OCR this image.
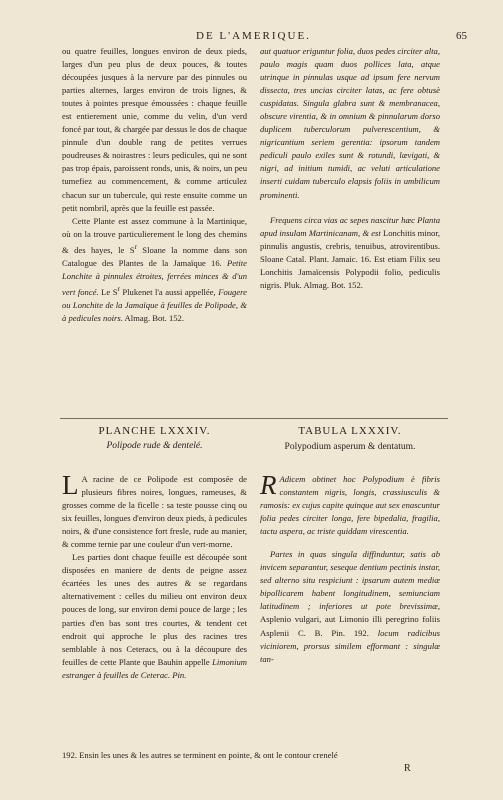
DE L'AMERIQUE.	65

ou quatre feuilles, longues environ de deux pieds, larges d'un peu plus de deux pouces, & toutes découpées jusques à la nervure par des pinnules ou parties alternes, larges environ de trois lignes, & toutes à pointes presque émoussées : chaque feuille est entierement unie, comme du velin, d'un verd foncé par tout, & chargée par dessus le dos de chaque pinnule d'un double rang de petites verrues poudreuses & noirastres : leurs pedicules, qui ne sont pas trop épais, paroissent ronds, unis, & noirs, un peu tumefiez au commencement, & comme articulez chacun sur un tubercule, qui reste ensuite comme un petit nombril, après que la feuille est passée.

Cette Plante est assez commune à la Martinique, où on la trouve particulierement le long des chemins & des hayes, le $S^r$ Sloane la nomme dans son Catalogue des Plantes de la Jamaïque 16. Petite Lonchite à pinnules étroites, ferrées minces & d'un vert foncé. Le $S^r$ Plukenet l'a aussi appellée, Fougere ou Lonchite de la Jamaïque à feuilles de Polipode, & à pedicules noirs. Almag. Bot. 152.

aut quatuor eriguntur folia, duos pedes circiter alta, paulo magis quam duos pollices lata, atque utrinque in pinnulas usque ad ipsum fere nervum dissecta, tres uncias circiter latas, ac fere obtusè cuspidatas. Singula glabra sunt & membranacea, obscure virentia, & in omnium & pinnularum dorso duplicem tuberculorum pulverescentium, & nigricantium seriem gerentia: ipsorum tandem pediculi paulo exiles sunt & rotundi, lævigati, & nigri, ad initium tumidi, ac veluti articulatione inserti cuidam tuberculo elapsis foliis in umbilicum prominenti.

Frequens circa vias ac sepes nascitur hæc Planta apud insulam Martinicanam, & est Lonchitis minor, pinnulis angustis, crebris, tenuibus, atrovirentibus. Sloane Catal. Plant. Jamaic. 16. Est etiam Filix seu Lonchitis Jamaïcensis Polypodii folio, pediculis nigris. Pluk. Almag. Bot. 152.

PLANCHE LXXXIV.	TABULA LXXXIV.
Polipode rude & dentelé.	Polypodium asperum & dentatum.

L A racine de ce Polipode est composée de plusieurs fibres noires, longues, rameuses, & grosses comme de la ficelle : sa teste pousse cinq ou six feuilles, longues d'environ deux pieds, à pedicules noirs, & d'une consistence fort fresle, rude au manier, & comme ternie par une couleur d'un vert-morne.

Les parties dont chaque feuille est découpée sont disposées en maniere de dents de peigne assez écartées les unes des autres & se regardans alternativement : celles du milieu ont environ deux pouces de long, sur environ demi pouce de large ; les parties d'en bas sont tres courtes, & tendent cet endroit qui approche le plus des racines tres semblable à nos Ceteracs, ou à la découpure des feuilles de cette Plante que Bauhin appelle Limonium estranger à feuilles de Ceterac. Pin.

R Adicem obtinet hoc Polypodium è fibris constantem nigris, longis, crassiusculis & ramosis: ex cujus capite quinque aut sex enascuntur folia pedes circiter longa, fere bipedalia, fragilia, tactu aspera, ac triste quiddam virescentia.

Partes in quas singula diffinduntur, satis ab invicem separantur, seseque dentium pectinis instar, sed alterno situ respiciunt : ipsarum autem mediæ bipollicarem habent longitudinem, semiunciam latitudinem ; inferiores ut pote brevissimæ, Asplenio vulgari, aut Limonio illi peregrino foliis Asplenii C. B. Pin. 192. locum radicibus viciniorem, prorsus similem efformant : singulæ tan-

192. Ensin les unes & les autres se terminent en pointe, & ont le contour crenelé
R
